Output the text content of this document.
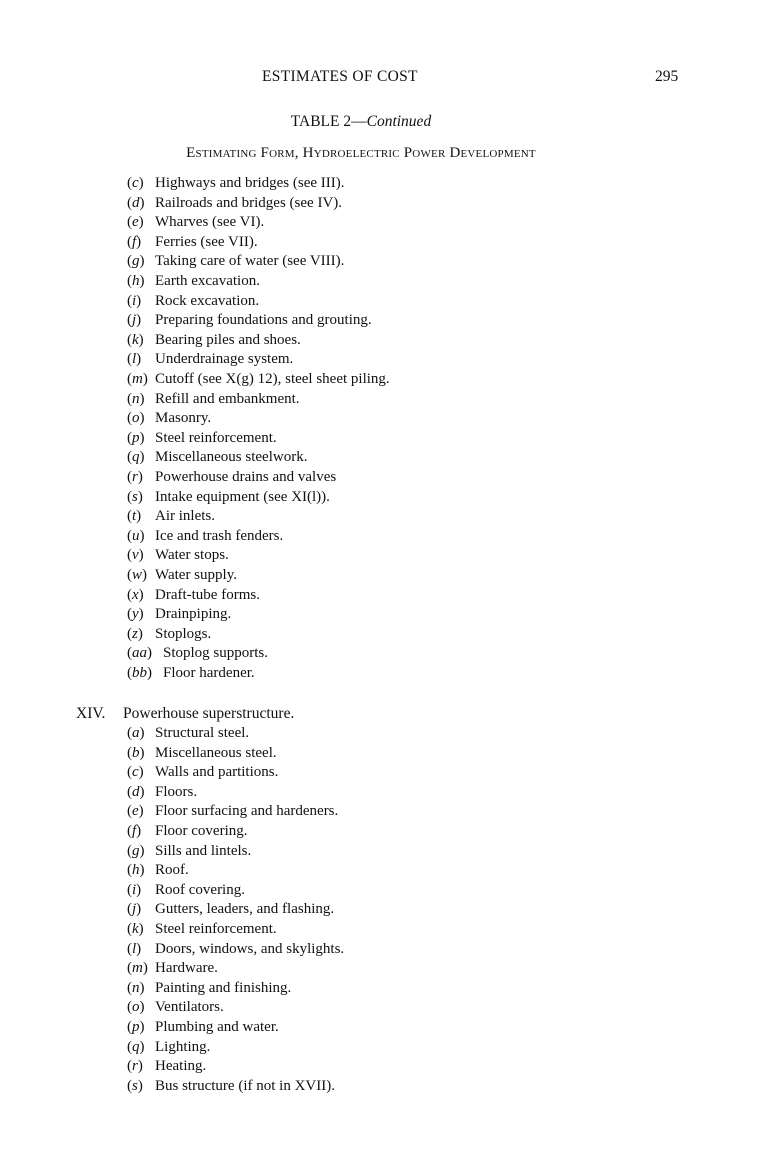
ESTIMATES OF COST	295
TABLE 2—Continued
Estimating Form, Hydroelectric Power Development
(c) Highways and bridges (see III).
(d) Railroads and bridges (see IV).
(e) Wharves (see VI).
(f) Ferries (see VII).
(g) Taking care of water (see VIII).
(h) Earth excavation.
(i) Rock excavation.
(j) Preparing foundations and grouting.
(k) Bearing piles and shoes.
(l) Underdrainage system.
(m) Cutoff (see X(g) 12), steel sheet piling.
(n) Refill and embankment.
(o) Masonry.
(p) Steel reinforcement.
(q) Miscellaneous steelwork.
(r) Powerhouse drains and valves
(s) Intake equipment (see XI(l)).
(t) Air inlets.
(u) Ice and trash fenders.
(v) Water stops.
(w) Water supply.
(x) Draft-tube forms.
(y) Drainpiping.
(z) Stoplogs.
(aa) Stoplog supports.
(bb) Floor hardener.
XIV. Powerhouse superstructure.
(a) Structural steel.
(b) Miscellaneous steel.
(c) Walls and partitions.
(d) Floors.
(e) Floor surfacing and hardeners.
(f) Floor covering.
(g) Sills and lintels.
(h) Roof.
(i) Roof covering.
(j) Gutters, leaders, and flashing.
(k) Steel reinforcement.
(l) Doors, windows, and skylights.
(m) Hardware.
(n) Painting and finishing.
(o) Ventilators.
(p) Plumbing and water.
(q) Lighting.
(r) Heating.
(s) Bus structure (if not in XVII).
